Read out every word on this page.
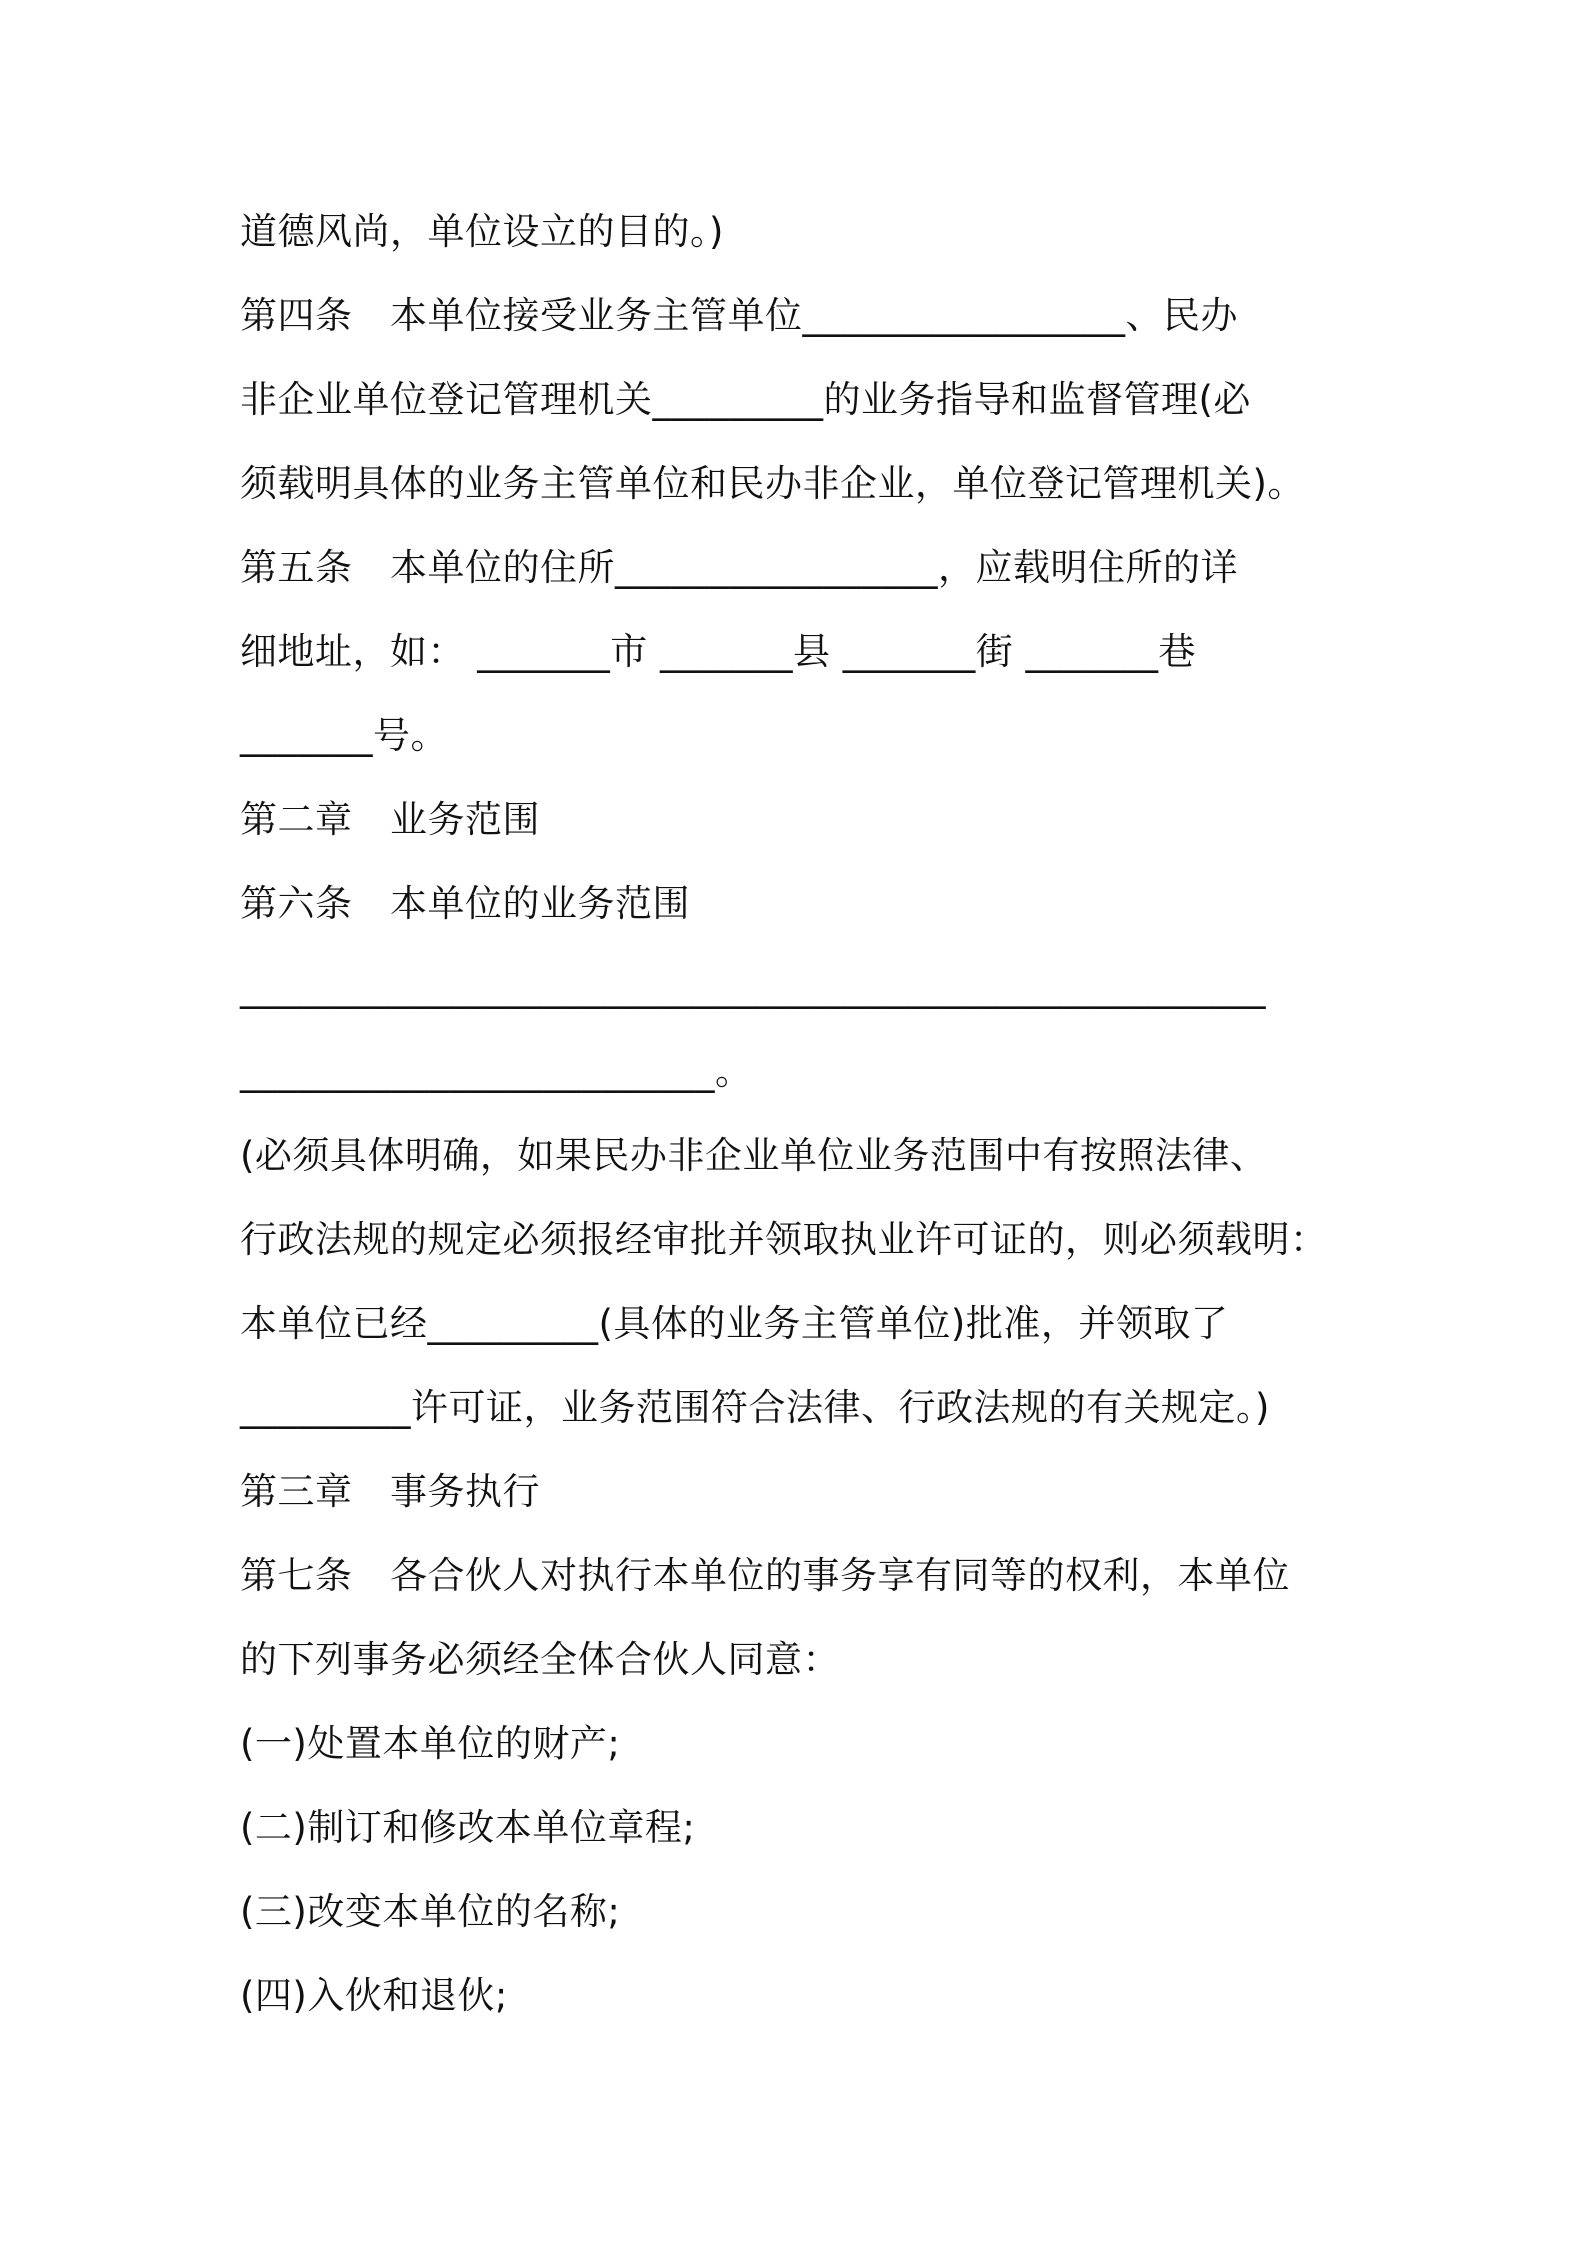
道德风尚，单位设立的目的。)
第四条　本单位接受业务主管单位_________________、民办
非企业单位登记管理机关_________的业务指导和监督管理(必
须载明具体的业务主管单位和民办非企业，单位登记管理机关)。
第五条　本单位的住所_________________，应载明住所的详
细地址，如： _______市 _______县 _______街 _______巷
_______号。
第二章　业务范围
第六条　本单位的业务范围
______________________________________________________
_________________________。
(必须具体明确，如果民办非企业单位业务范围中有按照法律、
行政法规的规定必须报经审批并领取执业许可证的，则必须载明：
本单位已经_________(具体的业务主管单位)批准，并领取了
_________许可证，业务范围符合法律、行政法规的有关规定。)
第三章　事务执行
第七条　各合伙人对执行本单位的事务享有同等的权利，本单位
的下列事务必须经全体合伙人同意：
(一)处置本单位的财产;
(二)制订和修改本单位章程;
(三)改变本单位的名称;
(四)入伙和退伙;
